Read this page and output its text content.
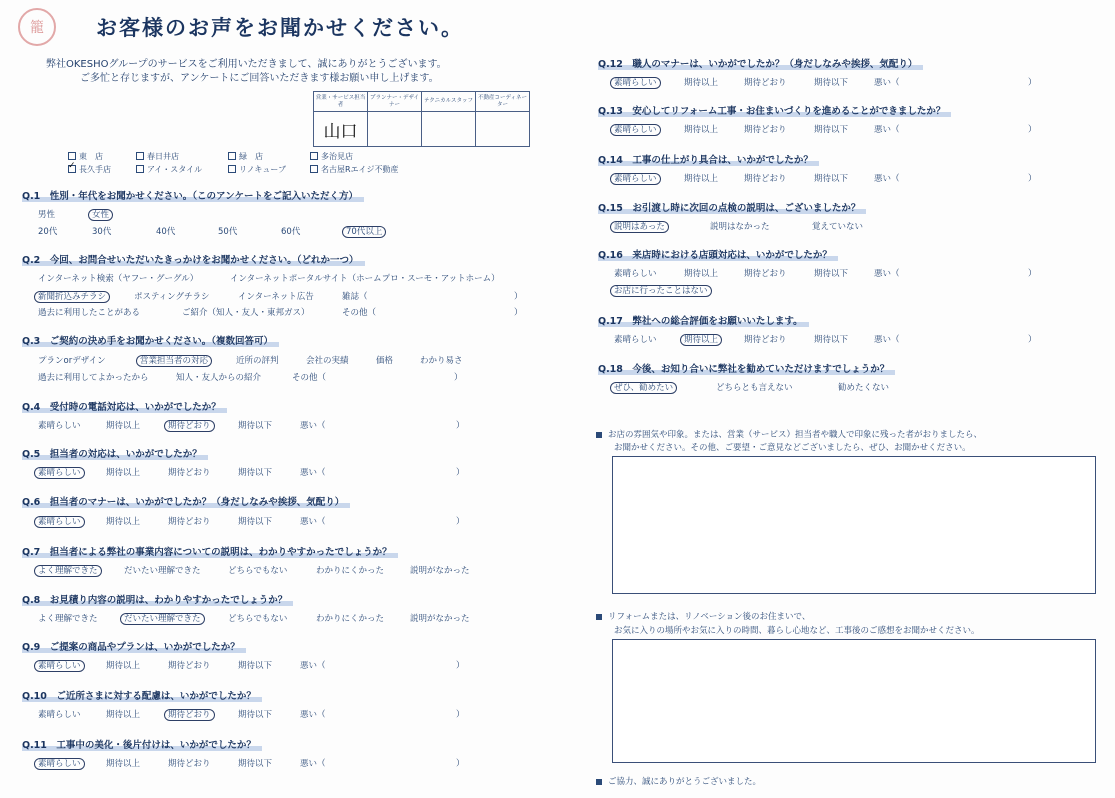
籠 お客様のお声をお聞かせください。
弊社OKESHOグループのサービスをご利用いただきまして、誠にありがとうございます。
ご多忙と存じますが、アンケートにご回答いただきます様お願い申し上げます。
営業・サービス担当者	プランナー・デザイナー	テクニカルスタッフ	不動産コーディネーター
山口			
東　店	春日井店	緑　店	多治見店
✓長久手店	アイ・スタイル	リノキューブ	名古屋Rエイジ不動産
Q.1　性別・年代をお聞かせください。（このアンケートをご記入いただく方）
男性	女性
20代	30代	40代	50代	60代	70代以上
Q.2　今回、お問合せいただいたきっかけをお聞かせください。（どれか一つ）
インターネット検索（ヤフー・グーグル）	インターネットポータルサイト（ホームプロ・スーモ・アットホーム）
新聞折込みチラシ	ポスティングチラシ	インターネット広告	雑誌（	）
過去に利用したことがある	ご紹介（知人・友人・東邦ガス）	その他（	）
Q.3　ご契約の決め手をお聞かせください。（複数回答可）
プランorデザイン	営業担当者の対応	近所の評判	会社の実績	価格	わかり易さ
過去に利用してよかったから	知人・友人からの紹介	その他（	）
Q.4　受付時の電話対応は、いかがでしたか？
素晴らしい	期待以上	期待どおり	期待以下	悪い（	）
Q.5　担当者の対応は、いかがでしたか？
素晴らしい	期待以上	期待どおり	期待以下	悪い（	）
Q.6　担当者のマナーは、いかがでしたか？（身だしなみや挨拶、気配り）
素晴らしい	期待以上	期待どおり	期待以下	悪い（	）
Q.7　担当者による弊社の事業内容についての説明は、わかりやすかったでしょうか？
よく理解できた	だいたい理解できた	どちらでもない	わかりにくかった	説明がなかった
Q.8　お見積り内容の説明は、わかりやすかったでしょうか？
よく理解できた	だいたい理解できた	どちらでもない	わかりにくかった	説明がなかった
Q.9　ご提案の商品やプランは、いかがでしたか？
素晴らしい	期待以上	期待どおり	期待以下	悪い（	）
Q.10　ご近所さまに対する配慮は、いかがでしたか？
素晴らしい	期待以上	期待どおり	期待以下	悪い（	）
Q.11　工事中の美化・後片付けは、いかがでしたか？
素晴らしい	期待以上	期待どおり	期待以下	悪い（	）
Q.12　職人のマナーは、いかがでしたか？（身だしなみや挨拶、気配り）
素晴らしい	期待以上	期待どおり	期待以下	悪い（	）
Q.13　安心してリフォーム工事・お住まいづくりを進めることができましたか？
素晴らしい	期待以上	期待どおり	期待以下	悪い（	）
Q.14　工事の仕上がり具合は、いかがでしたか？
素晴らしい	期待以上	期待どおり	期待以下	悪い（	）
Q.15　お引渡し時に次回の点検の説明は、ございましたか？
説明はあった	説明はなかった	覚えていない
Q.16　来店時における店頭対応は、いかがでしたか？
素晴らしい	期待以上	期待どおり	期待以下	悪い（	）
お店に行ったことはない
Q.17　弊社への総合評価をお願いいたします。
素晴らしい	期待以上	期待どおり	期待以下	悪い（	）
Q.18　今後、お知り合いに弊社を勧めていただけますでしょうか？
ぜひ、勧めたい	どちらとも言えない	勧めたくない
お店の雰囲気や印象。または、営業（サービス）担当者や職人で印象に残った者がおりましたら、
お聞かせください。その他、ご要望・ご意見などございましたら、ぜひ、お聞かせください。
リフォームまたは、リノベーション後のお住まいで、
お気に入りの場所やお気に入りの時間、暮らし心地など、工事後のご感想をお聞かせください。
ご協力、誠にありがとうございました。
